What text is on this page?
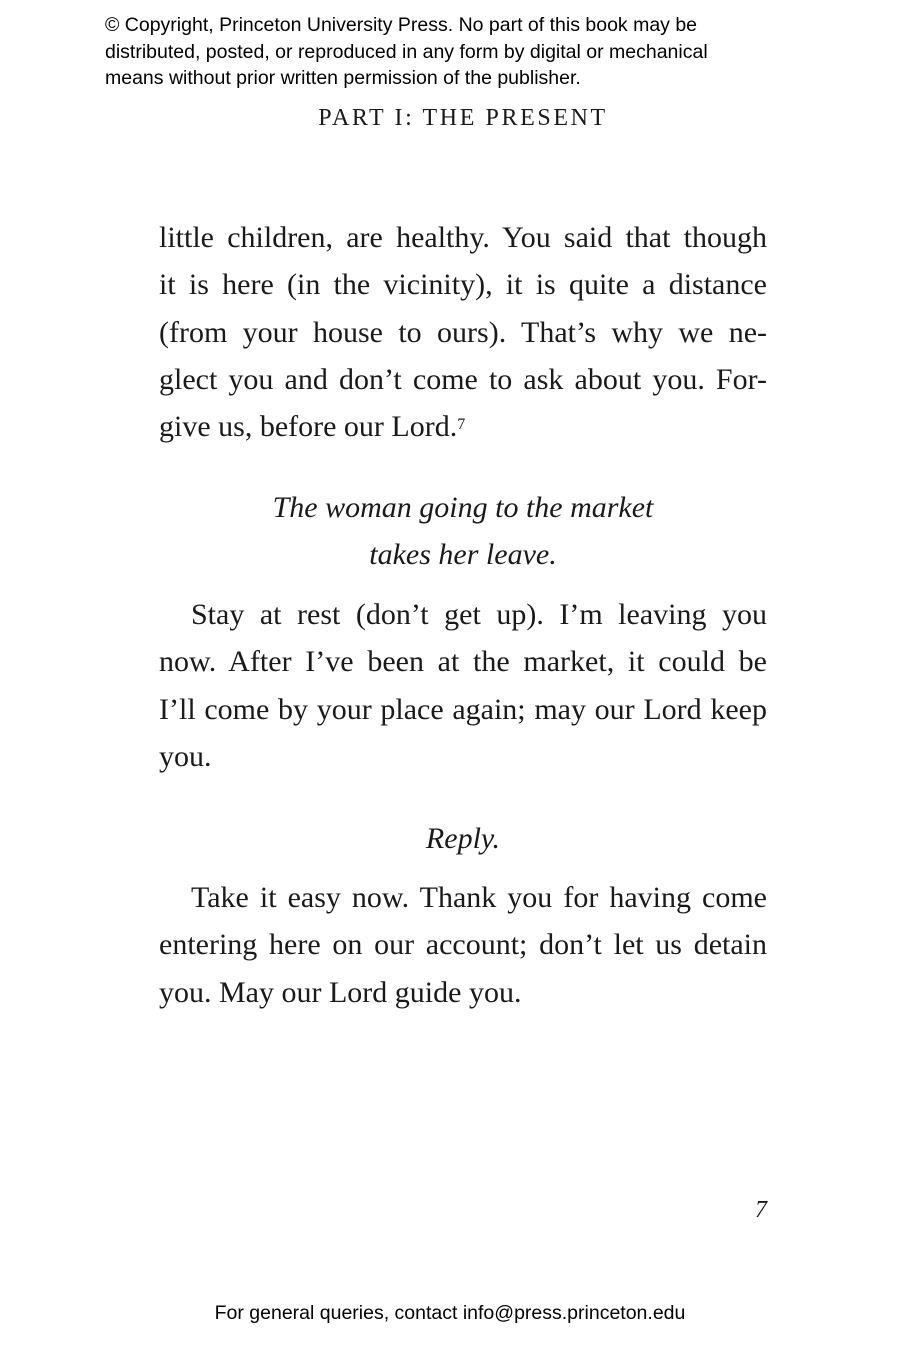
© Copyright, Princeton University Press. No part of this book may be
distributed, posted, or reproduced in any form by digital or mechanical
means without prior written permission of the publisher.
PART I: THE PRESENT
little children, are healthy. You said that though
it is here (in the vicinity), it is quite a distance
(from your house to ours). That’s why we ne-
glect you and don’t come to ask about you. For-
give us, before our Lord.$^7$
The woman going to the market
takes her leave.
Stay at rest (don’t get up). I’m leaving you
now. After I’ve been at the market, it could be
I’ll come by your place again; may our Lord keep
you.
Reply.
Take it easy now. Thank you for having come
entering here on our account; don’t let us detain
you. May our Lord guide you.
7
For general queries, contact info@press.princeton.edu
